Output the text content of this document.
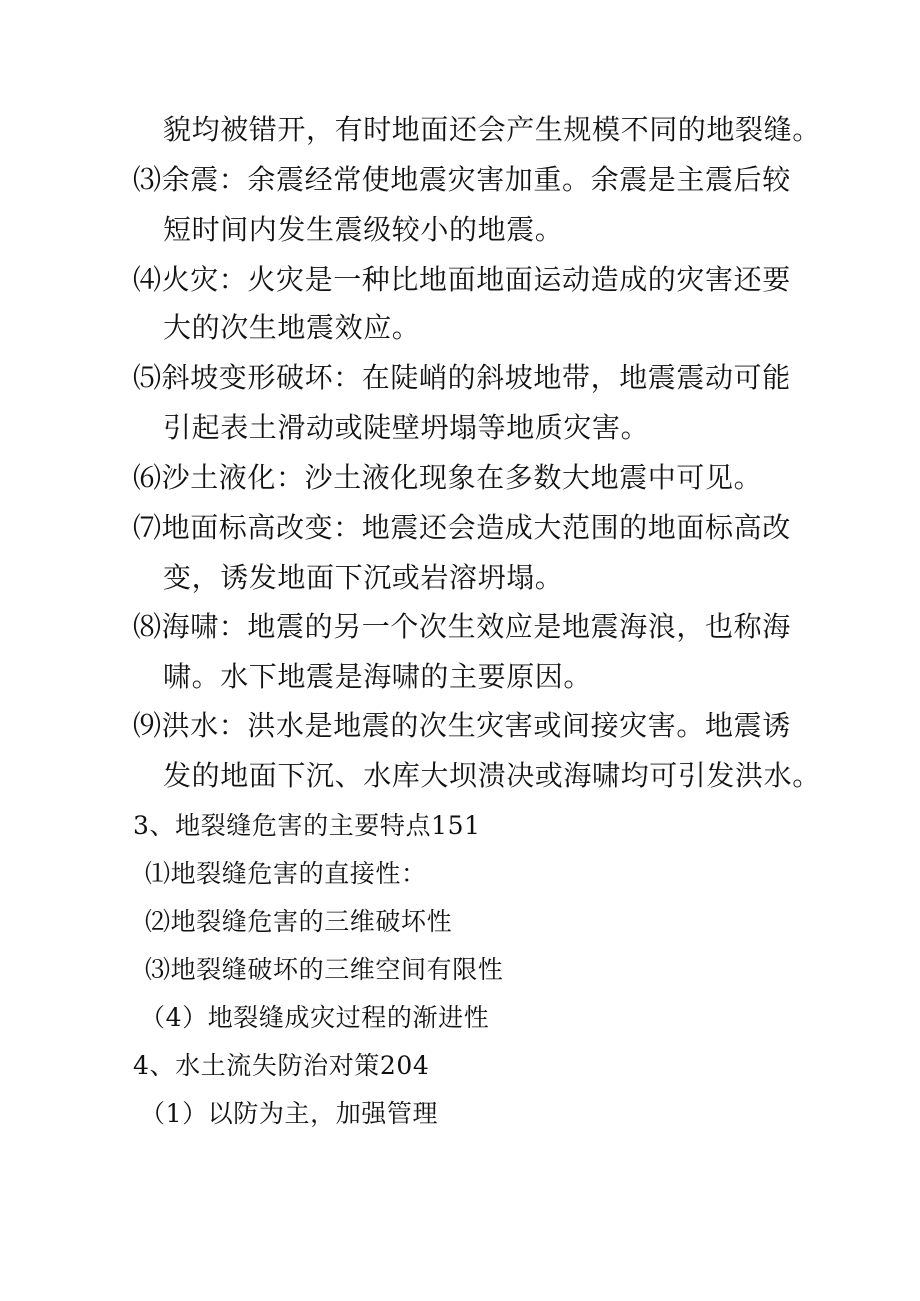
貌均被错开，有时地面还会产生规模不同的地裂缝。
⑶余震：余震经常使地震灾害加重。余震是主震后较
短时间内发生震级较小的地震。
⑷火灾：火灾是一种比地面地面运动造成的灾害还要
大的次生地震效应。
⑸斜坡变形破坏：在陡峭的斜坡地带，地震震动可能
引起表土滑动或陡壁坍塌等地质灾害。
⑹沙土液化：沙土液化现象在多数大地震中可见。
⑺地面标高改变：地震还会造成大范围的地面标高改
变，诱发地面下沉或岩溶坍塌。
⑻海啸：地震的另一个次生效应是地震海浪，也称海
啸。水下地震是海啸的主要原因。
⑼洪水：洪水是地震的次生灾害或间接灾害。地震诱
发的地面下沉、水库大坝溃决或海啸均可引发洪水。
3、地裂缝危害的主要特点151
⑴地裂缝危害的直接性：
⑵地裂缝危害的三维破坏性
⑶地裂缝破坏的三维空间有限性
（4）地裂缝成灾过程的渐进性
4、水土流失防治对策204
（1）以防为主，加强管理
